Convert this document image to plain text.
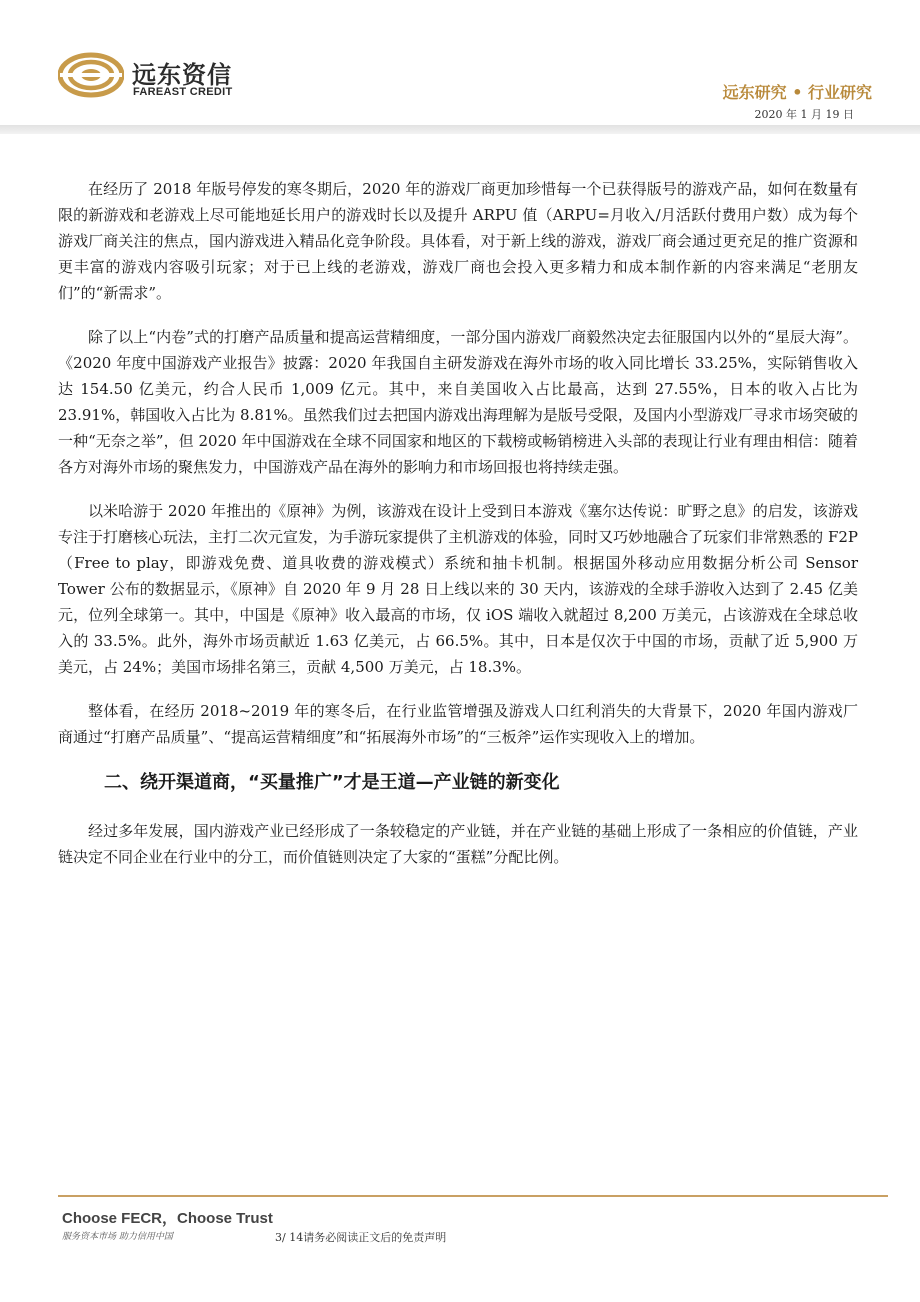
远东资信
FAREAST CREDIT	远东研究 • 行业研究
2020 年 1 月 19 日

在经历了 2018 年版号停发的寒冬期后，2020 年的游戏厂商更加珍惜每一个已获得版号的游戏产品，如何在数量有限的新游戏和老游戏上尽可能地延长用户的游戏时长以及提升 ARPU 值（ARPU=月收入/月活跃付费用户数）成为每个游戏厂商关注的焦点，国内游戏进入精品化竞争阶段。具体看，对于新上线的游戏，游戏厂商会通过更充足的推广资源和更丰富的游戏内容吸引玩家；对于已上线的老游戏，游戏厂商也会投入更多精力和成本制作新的内容来满足“老朋友们”的“新需求”。

除了以上“内卷”式的打磨产品质量和提高运营精细度，一部分国内游戏厂商毅然决定去征服国内以外的“星辰大海”。《2020 年度中国游戏产业报告》披露：2020 年我国自主研发游戏在海外市场的收入同比增长 33.25%，实际销售收入达 154.50 亿美元，约合人民币 1,009 亿元。其中，来自美国收入占比最高，达到 27.55%，日本的收入占比为 23.91%，韩国收入占比为 8.81%。虽然我们过去把国内游戏出海理解为是版号受限，及国内小型游戏厂寻求市场突破的一种“无奈之举”，但 2020 年中国游戏在全球不同国家和地区的下载榜或畅销榜进入头部的表现让行业有理由相信：随着各方对海外市场的聚焦发力，中国游戏产品在海外的影响力和市场回报也将持续走强。

以米哈游于 2020 年推出的《原神》为例，该游戏在设计上受到日本游戏《塞尔达传说：旷野之息》的启发，该游戏专注于打磨核心玩法，主打二次元宣发，为手游玩家提供了主机游戏的体验，同时又巧妙地融合了玩家们非常熟悉的 F2P（Free to play，即游戏免费、道具收费的游戏模式）系统和抽卡机制。根据国外移动应用数据分析公司 Sensor Tower 公布的数据显示，《原神》自 2020 年 9 月 28 日上线以来的 30 天内，该游戏的全球手游收入达到了 2.45 亿美元，位列全球第一。其中，中国是《原神》收入最高的市场，仅 iOS 端收入就超过 8,200 万美元，占该游戏在全球总收入的 33.5%。此外，海外市场贡献近 1.63 亿美元，占 66.5%。其中，日本是仅次于中国的市场，贡献了近 5,900 万美元，占 24%；美国市场排名第三，贡献 4,500 万美元，占 18.3%。

整体看，在经历 2018~2019 年的寒冬后，在行业监管增强及游戏人口红利消失的大背景下，2020 年国内游戏厂商通过“打磨产品质量”、“提高运营精细度”和“拓展海外市场”的“三板斧”运作实现收入上的增加。

二、绕开渠道商，“买量推广”才是王道—产业链的新变化

经过多年发展，国内游戏产业已经形成了一条较稳定的产业链，并在产业链的基础上形成了一条相应的价值链，产业链决定不同企业在行业中的分工，而价值链则决定了大家的“蛋糕”分配比例。

Choose FECR，Choose Trust
服务资本市场 助力信用中国	3/ 14请务必阅读正文后的免责声明
